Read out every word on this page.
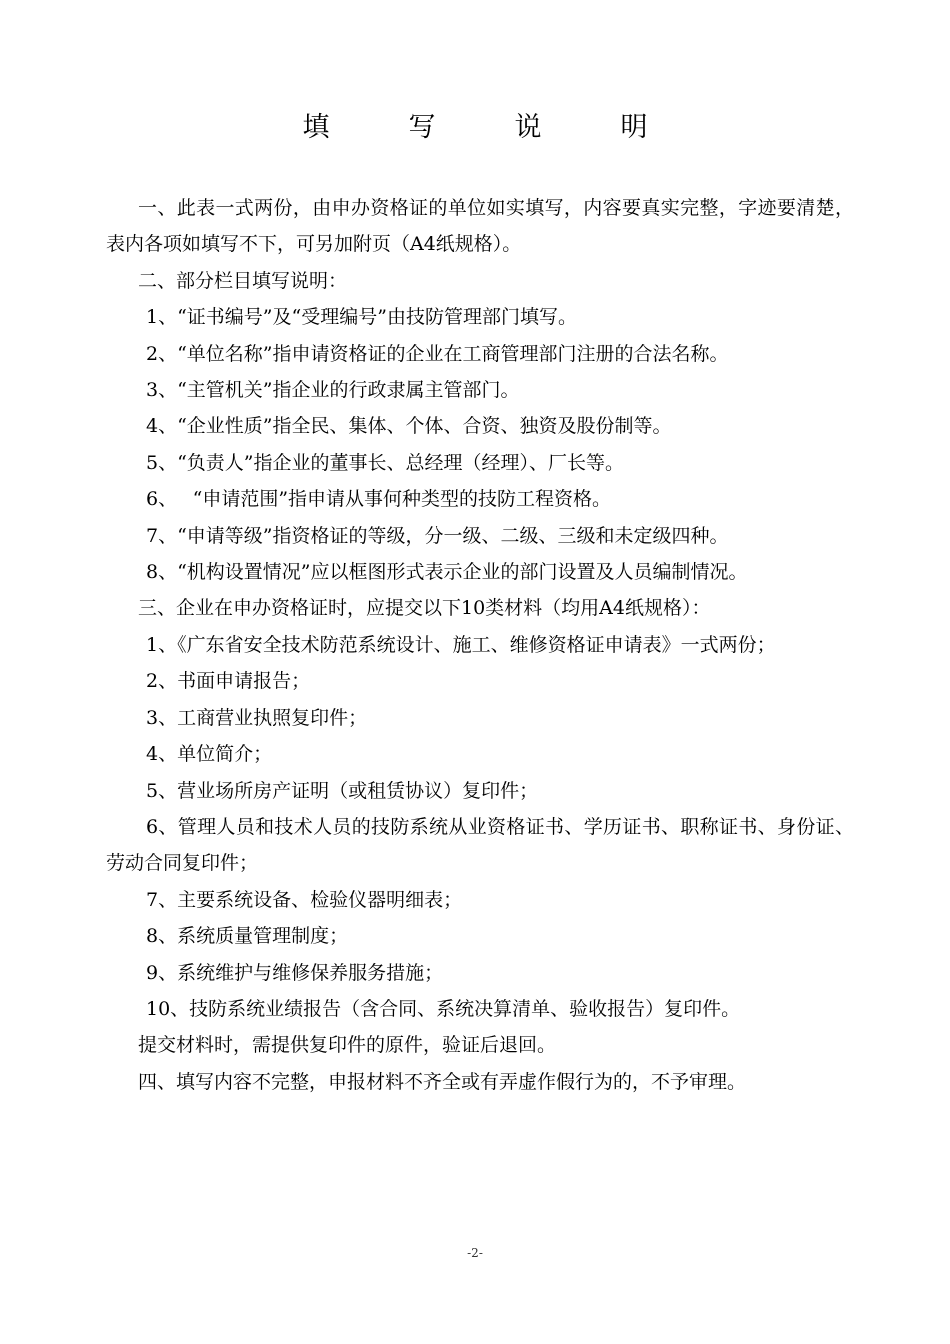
填　写　说　明

一、此表一式两份，由申办资格证的单位如实填写，内容要真实完整，字迹要清楚，表内各项如填写不下，可另加附页（A4纸规格）。

二、部分栏目填写说明：

1、“证书编号”及“受理编号”由技防管理部门填写。

2、“单位名称”指申请资格证的企业在工商管理部门注册的合法名称。

3、“主管机关”指企业的行政隶属主管部门。

4、“企业性质”指全民、集体、个体、合资、独资及股份制等。

5、“负责人”指企业的董事长、总经理（经理）、厂长等。

6、　 “申请范围”指申请从事何种类型的技防工程资格。

7、“申请等级”指资格证的等级，分一级、二级、三级和未定级四种。

8、“机构设置情况”应以框图形式表示企业的部门设置及人员编制情况。

三、企业在申办资格证时，应提交以下10类材料（均用A4纸规格）：

1、《广东省安全技术防范系统设计、施工、维修资格证申请表》一式两份；

2、书面申请报告；

3、工商营业执照复印件；

4、单位简介；

5、营业场所房产证明（或租赁协议）复印件；

6、管理人员和技术人员的技防系统从业资格证书、学历证书、职称证书、身份证、劳动合同复印件；

7、主要系统设备、检验仪器明细表；

8、系统质量管理制度；

9、系统维护与维修保养服务措施；

10、技防系统业绩报告（含合同、系统决算清单、验收报告）复印件。

提交材料时，需提供复印件的原件，验证后退回。

四、填写内容不完整，申报材料不齐全或有弄虚作假行为的，不予审理。

-2-
